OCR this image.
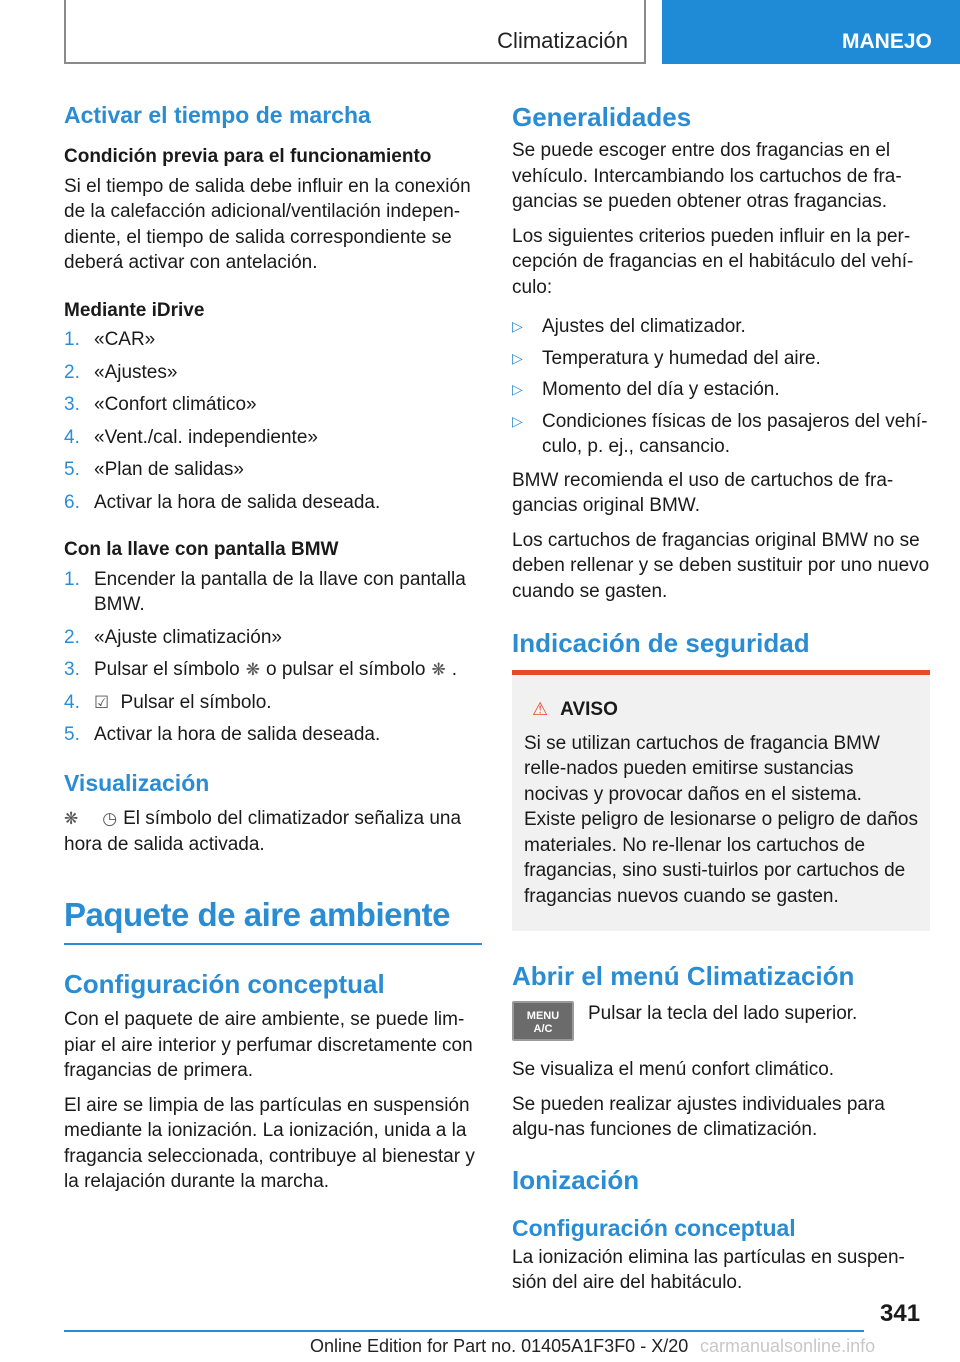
Climatización	MANEJO
Activar el tiempo de marcha

Condición previa para el funcionamiento

Si el tiempo de salida debe influir en la conexión de la calefacción adicional/ventilación indepen‐diente, el tiempo de salida correspondiente se deberá activar con antelación.

Mediante iDrive

1. «CAR»
2. «Ajustes»
3. «Confort climático»
4. «Vent./cal. independiente»
5. «Plan de salidas»
6. Activar la hora de salida deseada.

Con la llave con pantalla BMW

1. Encender la pantalla de la llave con pantalla BMW.
2. «Ajuste climatización»
3. Pulsar el símbolo ❋ o pulsar el símbolo ❋ .
4. ☑ Pulsar el símbolo.
5. Activar la hora de salida deseada.
Visualización

❋ ◷ El símbolo del climatizador señaliza una hora de salida activada.

Paquete de aire ambiente
Configuración conceptual

Con el paquete de aire ambiente, se puede lim‐piar el aire interior y perfumar discretamente con fragancias de primera.

El aire se limpia de las partículas en suspensión mediante la ionización. La ionización, unida a la fragancia seleccionada, contribuye al bienestar y la relajación durante la marcha.

Generalidades

Se puede escoger entre dos fragancias en el vehículo. Intercambiando los cartuchos de fra‐gancias se pueden obtener otras fragancias.

Los siguientes criterios pueden influir en la per‐cepción de fragancias en el habitáculo del vehí‐culo:

▷ Ajustes del climatizador.
▷ Temperatura y humedad del aire.
▷ Momento del día y estación.
▷ Condiciones físicas de los pasajeros del vehí‐culo, p. ej., cansancio.

BMW recomienda el uso de cartuchos de fra‐gancias original BMW.

Los cartuchos de fragancias original BMW no se deben rellenar y se deben sustituir por uno nuevo cuando se gasten.

Indicación de seguridad
⚠ AVISO

Si se utilizan cartuchos de fragancia BMW relle‐nados pueden emitirse sustancias nocivas y provocar daños en el sistema. Existe peligro de lesionarse o peligro de daños materiales. No re‐llenar los cartuchos de fragancias, sino susti‐tuirlos por cartuchos de fragancias nuevos cuando se gasten.

Abrir el menú Climatización
MENU
A/C
Pulsar la tecla del lado superior.

Se visualiza el menú confort climático.

Se pueden realizar ajustes individuales para algu‐nas funciones de climatización.

Ionización
Configuración conceptual

La ionización elimina las partículas en suspen‐sión del aire del habitáculo.

341
Online Edition for Part no. 01405A1F3F0 - X/20 carmanualsonline.info
